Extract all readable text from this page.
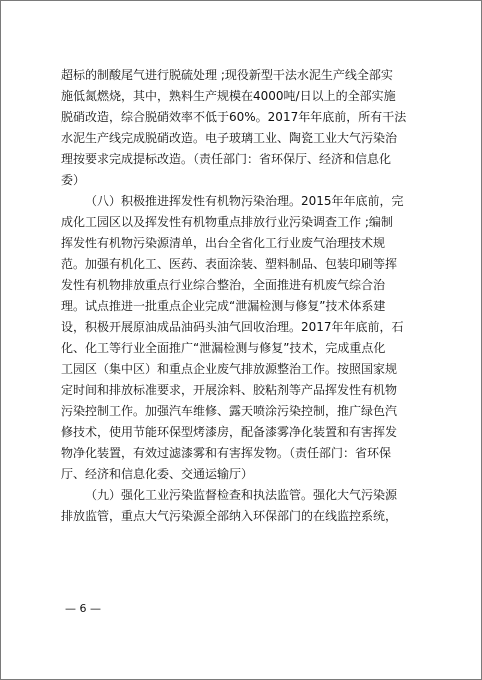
超标的制酸尾气进行脱硫处理 ;现役新型干法水泥生产线全部实
施低氮燃烧，其中，熟料生产规模在4000吨/日以上的全部实施
脱硝改造，综合脱硝效率不低于60%。2017年年底前，所有干法
水泥生产线完成脱硝改造。电子玻璃工业、陶瓷工业大气污染治
理按要求完成提标改造。（责任部门：省环保厅、经济和信息化
委）
（八）积极推进挥发性有机物污染治理。2015年年底前，完
成化工园区以及挥发性有机物重点排放行业污染调查工作 ;编制
挥发性有机物污染源清单，出台全省化工行业废气治理技术规
范。加强有机化工、医药、表面涂装、塑料制品、包装印刷等挥
发性有机物排放重点行业综合整治，全面推进有机废气综合治
理。试点推进一批重点企业完成“泄漏检测与修复”技术体系建
设，积极开展原油成品油码头油气回收治理。2017年年底前，石
化、化工等行业全面推广“泄漏检测与修复”技术，完成重点化
工园区（集中区）和重点企业废气排放源整治工作。按照国家规
定时间和排放标准要求，开展涂料、胶粘剂等产品挥发性有机物
污染控制工作。加强汽车维修、露天喷涂污染控制，推广绿色汽
修技术，使用节能环保型烤漆房，配备漆雾净化装置和有害挥发
物净化装置，有效过滤漆雾和有害挥发物。（责任部门：省环保
厅、经济和信息化委、交通运输厅）
（九）强化工业污染监督检查和执法监管。强化大气污染源
排放监管，重点大气污染源全部纳入环保部门的在线监控系统，
— 6 —
